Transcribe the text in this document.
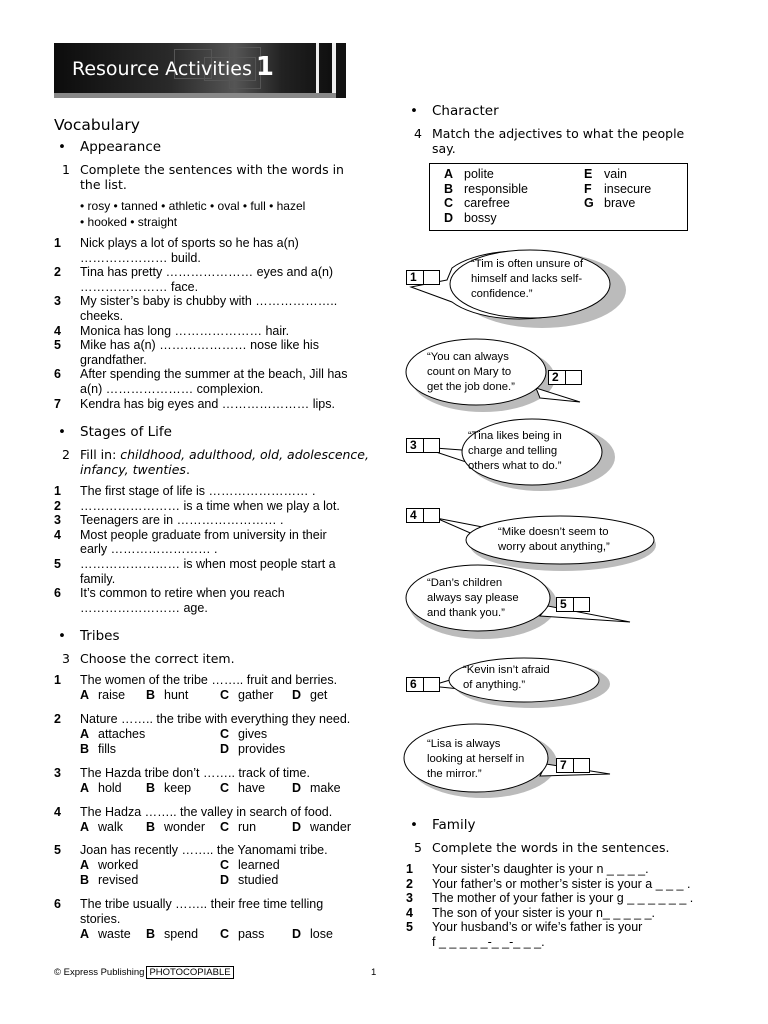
Resource Activities 1
Vocabulary
• Appearance
1 Complete the sentences with the words in the list.
• rosy • tanned • athletic • oval • full • hazel
• hooked • straight
1 Nick plays a lot of sports so he has a(n)
………………… build.
2 Tina has pretty ………………… eyes and a(n)
………………… face.
3 My sister’s baby is chubby with ………………..
cheeks.
4 Monica has long ………………… hair.
5 Mike has a(n) ………………… nose like his
grandfather.
6 After spending the summer at the beach, Jill has
a(n) ………………… complexion.
7 Kendra has big eyes and ………………… lips.
• Stages of Life
2 Fill in: childhood, adulthood, old, adolescence,
infancy, twenties.
1 The first stage of life is …………………… .
2 …………………… is a time when we play a lot.
3 Teenagers are in …………………… .
4 Most people graduate from university in their
early …………………… .
5 …………………… is when most people start a
family.
6 It’s common to retire when you reach
…………………… age.
• Tribes
3 Choose the correct item.
1 The women of the tribe …….. fruit and berries.
A raise B hunt	C gather D get
2 Nature …….. the tribe with everything they need.
A attaches	C gives
B fills	D provides
3 The Hazda tribe don’t …….. track of time.
A hold B keep C have D make
4 The Hadza …….. the valley in search of food.
A walk B wonder C run	D wander
5 Joan has recently …….. the Yanomami tribe.
A worked	C learned
B revised	D studied
6 The tribe usually …….. their free time telling
stories.
A waste B spend C pass D lose
• Character
4 Match the adjectives to what the people say.
A polite
B responsible
C carefree
D bossy
E vain
F insecure
G brave
“Tim is often unsure of
himself and lacks self-
confidence.”
“You can always
count on Mary to
get the job done.”
“Tina likes being in
charge and telling
others what to do.”
“Mike doesn’t seem to
worry about anything,”
“Dan’s children
always say please
and thank you.”
“Kevin isn’t afraid
of anything.”
“Lisa is always
looking at herself in
the mirror.”
1
2
3
4
5
6
7
• Family
5 Complete the words in the sentences.
1 Your sister’s daughter is your n _ _ _ _.
2 Your father’s or mother’s sister is your a _ _ _ .
3 The mother of your father is your g _ _ _ _ _ _ .
4 The son of your sister is your n_ _ _ _ _.
5 Your husband’s or wife’s father is your
f _ _ _ _ _-_ _-_ _ _.
© Express Publishing PHOTOCOPIABLE	1
